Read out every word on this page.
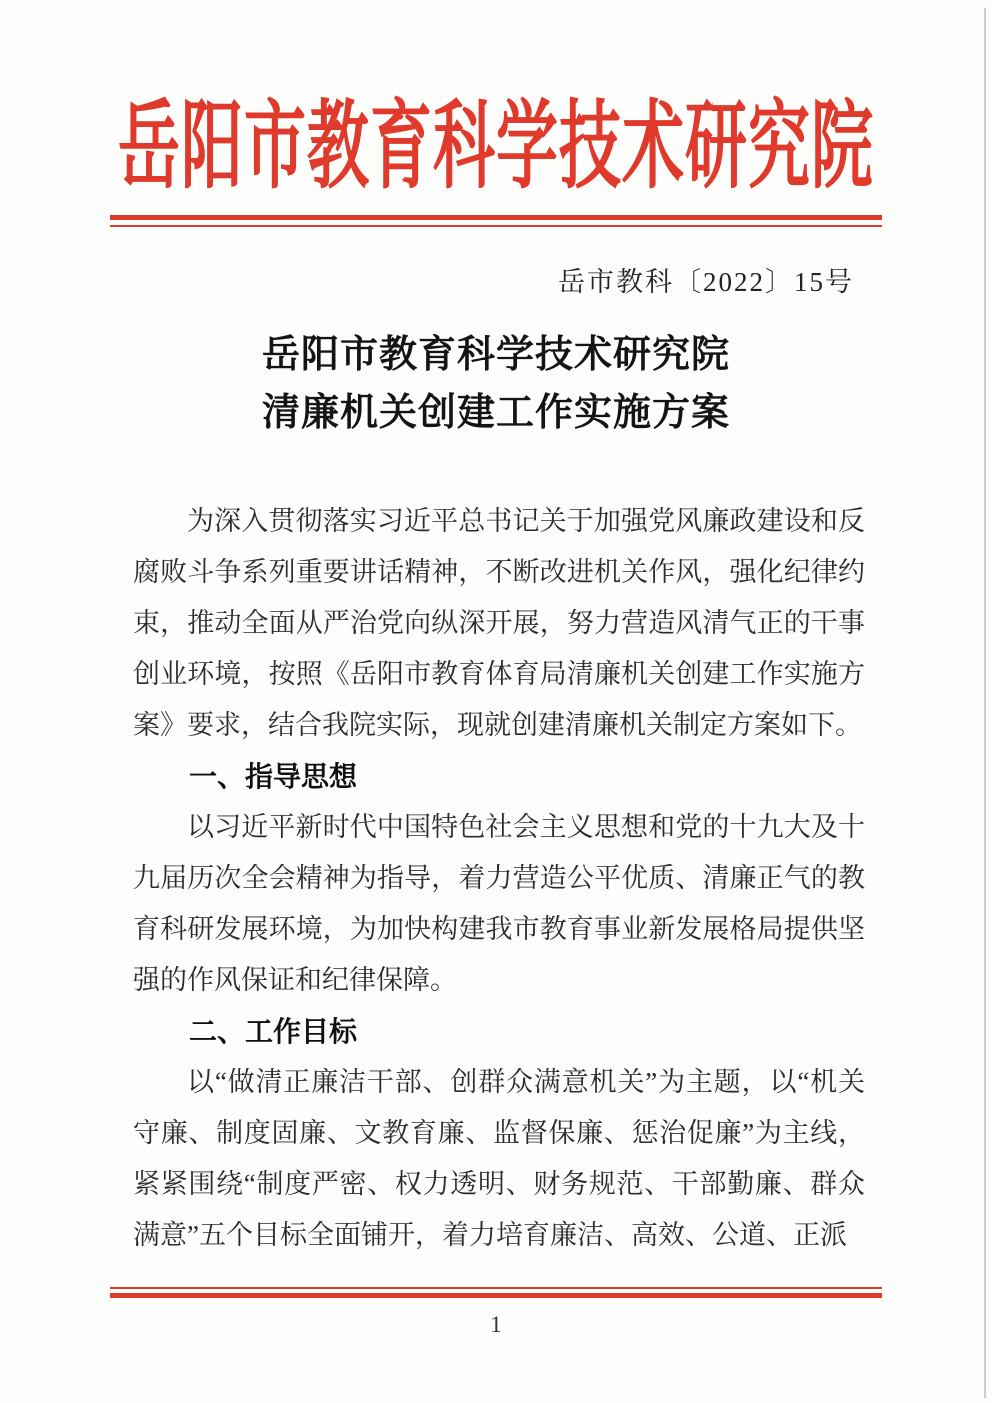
岳阳市教育科学技术研究院
岳市教科〔2022〕15号
岳阳市教育科学技术研究院
清廉机关创建工作实施方案

为深入贯彻落实习近平总书记关于加强党风廉政建设和反腐败斗争系列重要讲话精神，不断改进机关作风，强化纪律约束，推动全面从严治党向纵深开展，努力营造风清气正的干事创业环境，按照《岳阳市教育体育局清廉机关创建工作实施方案》要求，结合我院实际，现就创建清廉机关制定方案如下。

一、指导思想

以习近平新时代中国特色社会主义思想和党的十九大及十九届历次全会精神为指导，着力营造公平优质、清廉正气的教育科研发展环境，为加快构建我市教育事业新发展格局提供坚强的作风保证和纪律保障。

二、工作目标

以“做清正廉洁干部、创群众满意机关”为主题，以“机关守廉、制度固廉、文教育廉、监督保廉、惩治促廉”为主线，紧紧围绕“制度严密、权力透明、财务规范、干部勤廉、群众满意”五个目标全面铺开，着力培育廉洁、高效、公道、正派

1
